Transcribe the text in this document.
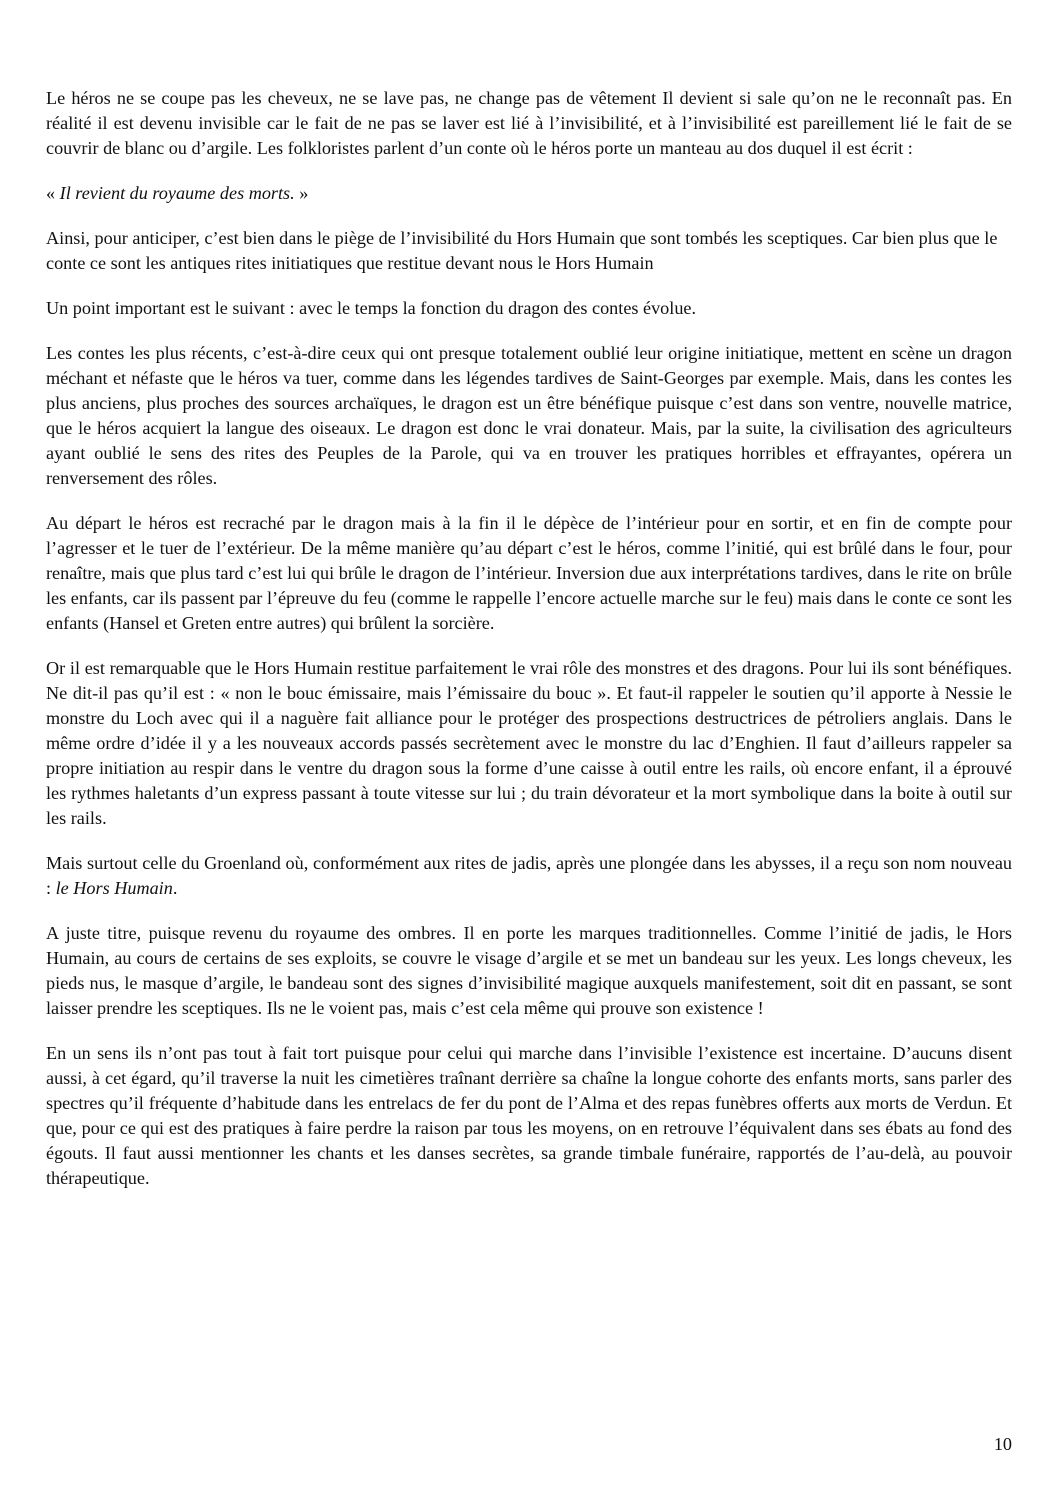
Le héros ne se coupe pas les cheveux, ne se lave pas, ne change pas de vêtement Il devient si sale qu’on ne le reconnaît pas. En réalité il est devenu invisible car le fait de ne pas se laver est lié à l’invisibilité, et à l’invisibilité est pareillement lié le fait de se couvrir de blanc ou d’argile. Les folkloristes parlent d’un conte où le héros porte un manteau au dos duquel il est écrit :

« Il revient du royaume des morts. »

Ainsi, pour anticiper, c’est bien dans le piège de l’invisibilité du Hors Humain que sont tombés les sceptiques. Car bien plus que le conte ce sont les antiques rites initiatiques que restitue devant nous le Hors Humain

Un point important est le suivant : avec le temps la fonction du dragon des contes évolue.

Les contes les plus récents, c’est-à-dire ceux qui ont presque totalement oublié leur origine initiatique, mettent en scène un dragon méchant et néfaste que le héros va tuer, comme dans les légendes tardives de Saint-Georges par exemple. Mais, dans les contes les plus anciens, plus proches des sources archaïques, le dragon est un être bénéfique puisque c’est dans son ventre, nouvelle matrice, que le héros acquiert la langue des oiseaux. Le dragon est donc le vrai donateur. Mais, par la suite, la civilisation des agriculteurs ayant oublié le sens des rites des Peuples de la Parole, qui va en trouver les pratiques horribles et effrayantes, opérera un renversement des rôles.

Au départ le héros est recraché par le dragon mais à la fin il le dépèce de l’intérieur pour en sortir, et en fin de compte pour l’agresser et le tuer de l’extérieur. De la même manière qu’au départ c’est le héros, comme l’initié, qui est brûlé dans le four, pour renaître, mais que plus tard c’est lui qui brûle le dragon de l’intérieur. Inversion due aux interprétations tardives, dans le rite on brûle les enfants, car ils passent par l’épreuve du feu (comme le rappelle l’encore actuelle marche sur le feu) mais dans le conte ce sont les enfants (Hansel et Greten entre autres) qui brûlent la sorcière.

Or il est remarquable que le Hors Humain restitue parfaitement le vrai rôle des monstres et des dragons. Pour lui ils sont bénéfiques. Ne dit-il pas qu’il est : « non le bouc émissaire, mais l’émissaire du bouc ». Et faut-il rappeler le soutien qu’il apporte à Nessie le monstre du Loch avec qui il a naguère fait alliance pour le protéger des prospections destructrices de pétroliers anglais. Dans le même ordre d’idée il y a les nouveaux accords passés secrètement avec le monstre du lac d’Enghien. Il faut d’ailleurs rappeler sa propre initiation au respir dans le ventre du dragon sous la forme d’une caisse à outil entre les rails, où encore enfant, il a éprouvé les rythmes haletants d’un express passant à toute vitesse sur lui ; du train dévorateur et la mort symbolique dans la boite à outil sur les rails.

Mais surtout celle du Groenland où, conformément aux rites de jadis, après une plongée dans les abysses, il a reçu son nom nouveau : le Hors Humain.

A juste titre, puisque revenu du royaume des ombres. Il en porte les marques traditionnelles. Comme l’initié de jadis, le Hors Humain, au cours de certains de ses exploits, se couvre le visage d’argile et se met un bandeau sur les yeux. Les longs cheveux, les pieds nus, le masque d’argile, le bandeau sont des signes d’invisibilité magique auxquels manifestement, soit dit en passant, se sont laisser prendre les sceptiques. Ils ne le voient pas, mais c’est cela même qui prouve son existence !

En un sens ils n’ont pas tout à fait tort puisque pour celui qui marche dans l’invisible l’existence est incertaine. D’aucuns disent aussi, à cet égard, qu’il traverse la nuit les cimetières traînant derrière sa chaîne la longue cohorte des enfants morts, sans parler des spectres qu’il fréquente d’habitude dans les entrelacs de fer du pont de l’Alma et des repas funèbres offerts aux morts de Verdun. Et que, pour ce qui est des pratiques à faire perdre la raison par tous les moyens, on en retrouve l’équivalent dans ses ébats au fond des égouts. Il faut aussi mentionner les chants et les danses secrètes, sa grande timbale funéraire, rapportés de l’au-delà, au pouvoir thérapeutique.

10
